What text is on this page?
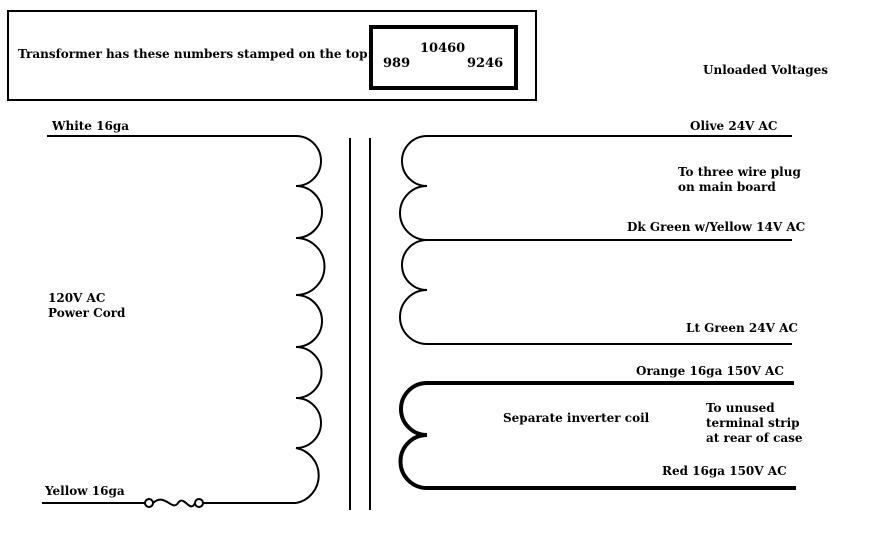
Transformer has these numbers stamped on the top:	10460
989	9246	Unloaded Voltages
White 16ga
120V AC
Power Cord
Yellow 16ga
Olive 24V AC
To three wire plug
on main board
Dk Green w/Yellow 14V AC
Lt Green 24V AC
Orange 16ga 150V AC
Separate inverter coil
To unused
terminal strip
at rear of case
Red 16ga 150V AC
